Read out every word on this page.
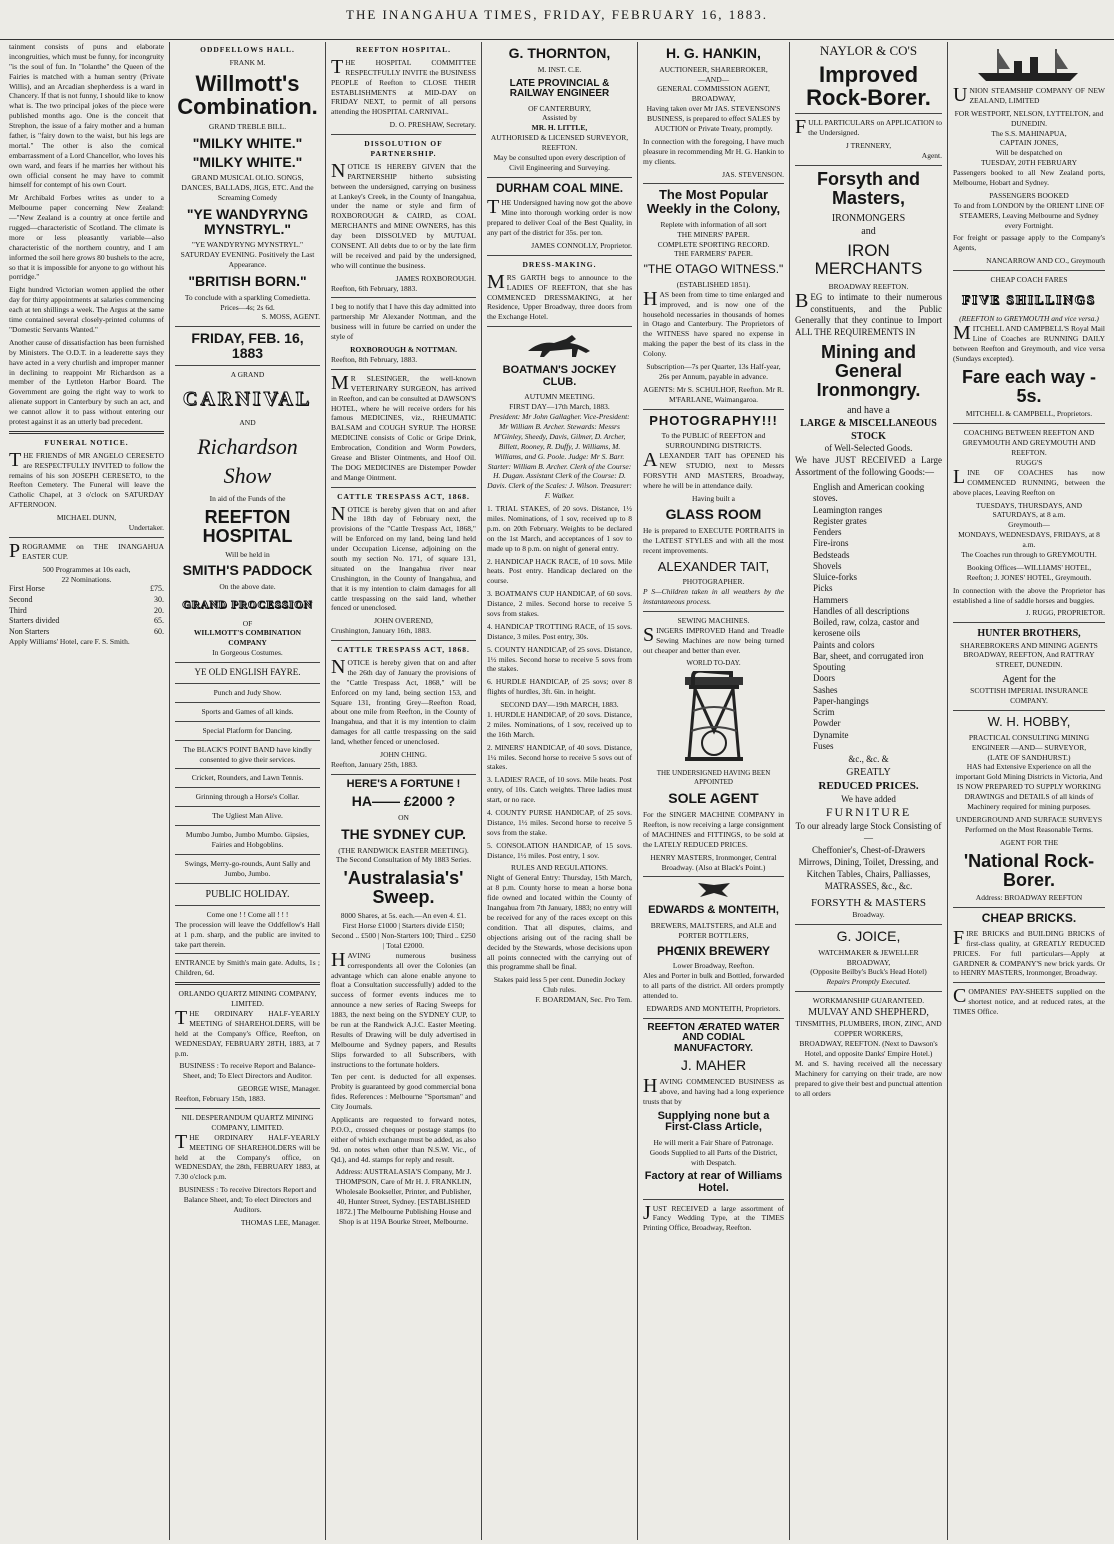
THE INANGAHUA TIMES, FRIDAY, FEBRUARY 16, 1883.

tainment consists of puns and elaborate incongruities, which must be funny, for incongruity "is the soul of fun. In "Iolanthe" the Queen of the Fairies is matched with a human sentry (Private Willis), and an Arcadian shepherdess is a ward in Chancery. If that is not funny, I should like to know what is. The two principal jokes of the piece were published months ago. One is the conceit that Strephon, the issue of a fairy mother and a human father, is "fairy down to the waist, but his legs are mortal." The other is also the comical embarrassment of a Lord Chancellor, who loves his own ward, and fears if he marries her without his own official consent he may have to commit himself for contempt of his own Court.

Mr Archibald Forbes writes as under to a Melbourne paper concerning New Zealand:—"New Zealand is a country at once fertile and rugged—characteristic of Scotland. The climate is more or less pleasantly variable—also characteristic of the northern country, and I am informed the soil here grows 80 bushels to the acre, so that it is impossible for anyone to go without his porridge."

Eight hundred Victorian women applied the other day for thirty appointments at salaries commencing each at ten shillings a week. The Argus at the same time contained several closely-printed columns of "Domestic Servants Wanted."

Another cause of dissatisfaction has been furnished by Ministers. The O.D.T. in a leaderette says they have acted in a very churlish and improper manner in declining to reappoint Mr Richardson as a member of the Lyttleton Harbor Board. The Government are going the right way to work to alienate support in Canterbury by such an act, and we cannot allow it to pass without entering our protest against it as an utterly bad precedent.

FUNERAL NOTICE.

THE FRIENDS of MR ANGELO CERESETO are RESPECTFULLY INVITED to follow the remains of his son JOSEPH CERESETO, to the Reefton Cemetery. The Funeral will leave the Catholic Chapel, at 3 o'clock on SATURDAY AFTERNOON.

MICHAEL DUNN,
Undertaker.

PROGRAMME on THE INANGAHUA EASTER CUP.

500 Programmes at 10s each,
22 Nominations.
First Horse	£75.
Second	30.
Third	20.
Starters divided	65.
Non Starters	60.

Apply Williams' Hotel, care F. S. Smith.

ODDFELLOWS HALL.
FRANK M.
Willmott's Combination.
GRAND TREBLE BILL.
"MILKY WHITE."
"MILKY WHITE."
GRAND MUSICAL OLIO. SONGS, DANCES, BALLADS, JIGS, ETC. And the Screaming Comedy
"YE WANDYRYNG MYNSTRYL."
"YE WANDYRYNG MYNSTRYL."
SATURDAY EVENING. Positively the Last Appearance.
"BRITISH BORN."
To conclude with a sparkling Comedietta. Prices—4s; 2s 6d.
S. MOSS, AGENT.
FRIDAY, FEB. 16, 1883
A GRAND
CARNIVAL
AND
Richardson Show
In aid of the Funds of the
REEFTON HOSPITAL
Will be held in
SMITH'S PADDOCK
On the above date.
GRAND PROCESSION
OF
WILLMOTT'S COMBINATION COMPANY
In Gorgeous Costumes.
YE OLD ENGLISH FAYRE.
Punch and Judy Show.
Sports and Games of all kinds.
Special Platform for Dancing.
The BLACK'S POINT BAND have kindly consented to give their services.
Cricket, Rounders, and Lawn Tennis.
Grinning through a Horse's Collar.
The Ugliest Man Alive.
Mumbo Jumbo, Jumbo Mumbo. Gipsies, Fairies and Hobgoblins.
Swings, Merry-go-rounds, Aunt Sally and Jumbo, Jumbo.
PUBLIC HOLIDAY.
Come one ! ! Come all ! ! !

The procession will leave the Oddfellow's Hall at 1 p.m. sharp, and the public are invited to take part therein.

ENTRANCE by Smith's main gate. Adults, 1s ; Children, 6d.

ORLANDO QUARTZ MINING COMPANY, LIMITED.

THE ORDINARY HALF-YEARLY MEETING of SHAREHOLDERS, will be held at the Company's Office, Reefton, on WEDNESDAY, FEBRUARY 28TH, 1883, at 7 p.m.

BUSINESS : To receive Report and Balance-Sheet, and; To Elect Directors and Auditor.

GEORGE WISE, Manager.
Reefton, February 15th, 1883.
NIL DESPERANDUM QUARTZ MINING COMPANY, LIMITED.

THE ORDINARY HALF-YEARLY MEETING OF SHAREHOLDERS will be held at the Company's office, on WEDNESDAY, the 28th, FEBRUARY 1883, at 7.30 o'clock p.m.

BUSINESS : To receive Directors Report and Balance Sheet, and; To elect Directors and Auditors.

THOMAS LEE, Manager.
REEFTON HOSPITAL.

THE HOSPITAL COMMITTEE RESPECTFULLY INVITE the BUSINESS PEOPLE of Reefton to CLOSE THEIR ESTABLISHMENTS at MID-DAY on FRIDAY NEXT, to permit of all persons attending the HOSPITAL CARNIVAL.

D. O. PRESHAW, Secretary.
DISSOLUTION OF PARTNERSHIP.

NOTICE IS HEREBY GIVEN that the PARTNERSHIP hitherto subsisting between the undersigned, carrying on business at Lankey's Creek, in the County of Inangahua, under the name or style and firm of ROXBOROUGH & CAIRD, as COAL MERCHANTS and MINE OWNERS, has this day been DISSOLVED by MUTUAL CONSENT. All debts due to or by the late firm will be received and paid by the undersigned, who will continue the business.

JAMES ROXBOROUGH.
Reefton, 6th February, 1883.

I beg to notify that I have this day admitted into partnership Mr Alexander Nottman, and the business will in future be carried on under the style of

ROXBOROUGH & NOTTMAN.
Reefton, 8th February, 1883.

MR SLESINGER, the well-known VETERINARY SURGEON, has arrived in Reefton, and can be consulted at DAWSON'S HOTEL, where he will receive orders for his famous MEDICINES, viz., RHEUMATIC BALSAM and COUGH SYRUP. The HORSE MEDICINE consists of Colic or Gripe Drink, Embrocation, Condition and Worm Powders, Grease and Blister Ointments, and Hoof Oil. The DOG MEDICINES are Distemper Powder and Mange Ointment.

CATTLE TRESPASS ACT, 1868.

NOTICE is hereby given that on and after the 18th day of February next, the provisions of the "Cattle Trespass Act, 1868," will be Enforced on my land, being land held under Occupation License, adjoining on the south my section No. 171, of square 131, situated on the Inangahua river near Crushington, in the County of Inangahua, and that it is my intention to claim damages for all cattle trespassing on the said land, whether fenced or unenclosed.

JOHN OVEREND,
Crushington, January 16th, 1883.
CATTLE TRESPASS ACT, 1868.

NOTICE is hereby given that on and after the 26th day of January the provisions of the "Cattle Trespass Act, 1868," will be Enforced on my land, being section 153, and Square 131, fronting Grey—Reefton Road, about one mile from Reefton, in the County of Inangahua, and that it is my intention to claim damages for all cattle trespassing on the said land, whether fenced or unenclosed.

JOHN CHING.
Reefton, January 25th, 1883.
HERE'S A FORTUNE !
HA—— £2000 ?
ON
THE SYDNEY CUP.
(THE RANDWICK EASTER MEETING).
The Second Consultation of My 1883 Series.
'Australasia's' Sweep.
8000 Shares, at 5s. each.—An even 4. £1.
First Horse £1000 | Starters divide £150; Second .. £500 | Non-Starters 100; Third .. £250 | Total £2000.

HAVING numerous business correspondents all over the Colonies (an advantage which can alone enable anyone to float a Consultation successfully) added to the success of former events induces me to announce a new series of Racing Sweeps for 1883, the next being on the SYDNEY CUP, to be run at the Randwick A.J.C. Easter Meeting. Results of Drawing will be duly advertised in Melbourne and Sydney papers, and Results Slips forwarded to all Subscribers, with instructions to the fortunate holders.

Ten per cent. is deducted for all expenses. Probity is guaranteed by good commercial bona fides. References : Melbourne "Sportsman" and City Journals.

Applicants are requested to forward notes, P.O.O., crossed cheques or postage stamps (to either of which exchange must be added, as also 9d. on notes when other than N.S.W. Vic., of Qd.), and 4d. stamps for reply and result.

Address: AUSTRALASIA'S Company, Mr J. THOMPSON, Care of Mr H. J. FRANKLIN, Wholesale Bookseller, Printer, and Publisher, 40, Hunter Street, Sydney. [ESTABLISHED 1872.] The Melbourne Publishing House and Shop is at 119A Bourke Street, Melbourne.

G. THORNTON,
M. INST. C.E.
LATE PROVINCIAL & RAILWAY ENGINEER
OF CANTERBURY,
Assisted by
MR. H. LITTLE,
AUTHORISED & LICENSED SURVEYOR, REEFTON.

May be consulted upon every description of Civil Engineering and Surveying.

DURHAM COAL MINE.

THE Undersigned having now got the above Mine into thorough working order is now prepared to deliver Coal of the Best Quality, in any part of the district for 35s. per ton.

JAMES CONNOLLY, Proprietor.
DRESS-MAKING.

MRS GARTH begs to announce to the LADIES OF REEFTON, that she has COMMENCED DRESSMAKING, at her Residence, Upper Broadway, three doors from the Exchange Hotel.

BOATMAN'S JOCKEY CLUB.
AUTUMN MEETING.
FIRST DAY—17th March, 1883.

President: Mr John Gallagher. Vice-President: Mr William B. Archer. Stewards: Messrs M'Ginley, Sheedy, Davis, Gilmer, D. Archer, Billett, Rooney, R. Duffy, J. Williams, M. Williams, and G. Poole. Judge: Mr S. Barr. Starter: William B. Archer. Clerk of the Course: H. Dugan. Assistant Clerk of the Course: D. Davis. Clerk of the Scales: J. Wilson. Treasurer: F. Walker.

1. TRIAL STAKES, of 20 sovs. Distance, 1½ miles. Nominations, of 1 sov, received up to 8 p.m. on 20th February. Weights to be declared on the 1st March, and acceptances of 1 sov to made up to 8 p.m. on night of general entry.

2. HANDICAP HACK RACE, of 10 sovs. Mile heats. Post entry. Handicap declared on the course.

3. BOATMAN'S CUP HANDICAP, of 60 sovs. Distance, 2 miles. Second horse to receive 5 sovs from stakes.

4. HANDICAP TROTTING RACE, of 15 sovs. Distance, 3 miles. Post entry, 30s.

5. COUNTY HANDICAP, of 25 sovs. Distance, 1½ miles. Second horse to receive 5 sovs from the stakes.

6. HURDLE HANDICAP, of 25 sovs; over 8 flights of hurdles, 3ft. 6in. in height.

SECOND DAY—19th MARCH, 1883.

1. HURDLE HANDICAP, of 20 sovs. Distance, 2 miles. Nominations, of 1 sov, received up to the 16th March.

2. MINERS' HANDICAP, of 40 sovs. Distance, 1¼ miles. Second horse to receive 5 sovs out of stakes.

3. LADIES' RACE, of 10 sovs. Mile heats. Post entry, of 10s. Catch weights. Three ladies must start, or no race.

4. COUNTY PURSE HANDICAP, of 25 sovs. Distance, 1½ miles. Second horse to receive 5 sovs from the stake.

5. CONSOLATION HANDICAP, of 15 sovs. Distance, 1½ miles. Post entry, 1 sov.

RULES AND REGULATIONS.

Night of General Entry: Thursday, 15th March, at 8 p.m. County horse to mean a horse bona fide owned and located within the County of Inangahua from 7th January, 1883; no entry will be received for any of the races except on this condition. That all disputes, claims, and objections arising out of the racing shall be decided by the Stewards, whose decisions upon all points connected with the carrying out of this programme shall be final.

Stakes paid less 5 per cent. Dunedin Jockey Club rules.
F. BOARDMAN, Sec. Pro Tem.
H. G. HANKIN,
AUCTIONEER, SHAREBROKER,
—AND—
GENERAL COMMISSION AGENT,
BROADWAY,

Having taken over Mr JAS. STEVENSON'S BUSINESS, is prepared to effect SALES by AUCTION or Private Treaty, promptly.

In connection with the foregoing, I have much pleasure in recommending Mr H. G. Hankin to my clients.

JAS. STEVENSON.
The Most Popular Weekly in the Colony,
Replete with information of all sort
THE MINERS' PAPER.
COMPLETE SPORTING RECORD.
THE FARMERS' PAPER.
"THE OTAGO WITNESS."
(ESTABLISHED 1851).

HAS been from time to time enlarged and improved, and is now one of the household necessaries in thousands of homes in Otago and Canterbury. The Proprietors of the WITNESS have spared no expense in making the paper the best of its class in the Colony.

Subscription—7s per Quarter, 13s Half-year, 26s per Annum, payable in advance.

AGENTS: Mr S. SCHULHOF, Reefton. Mr R. M'FARLANE, Waimangaroa.

PHOTOGRAPHY!!!
To the PUBLIC of REEFTON and SURROUNDING DISTRICTS.

ALEXANDER TAIT has OPENED his NEW STUDIO, next to Messrs FORSYTH AND MASTERS, Broadway, where he will be in attendance daily.

Having built a
GLASS ROOM

He is prepared to EXECUTE PORTRAITS in the LATEST STYLES and with all the most recent improvements.

ALEXANDER TAIT,
PHOTOGRAPHER.

P S—Children taken in all weathers by the instantaneous process.

SEWING MACHINES.

SINGERS IMPROVED Hand and Treadle Sewing Machines are now being turned out cheaper and better than ever.

WORLD TO-DAY.
THE UNDERSIGNED HAVING BEEN APPOINTED
SOLE AGENT

For the SINGER MACHINE COMPANY in Reefton, is now receiving a large consignment of MACHINES and FITTINGS, to be sold at the LATELY REDUCED PRICES.

HENRY MASTERS, Ironmonger, Central Broadway. (Also at Black's Point.)

EDWARDS & MONTEITH,
BREWERS, MALTSTERS, and ALE and PORTER BOTTLERS,
PHŒNIX BREWERY
Lower Broadway, Reefton.

Ales and Porter in bulk and Bottled, forwarded to all parts of the district. All orders promptly attended to.

EDWARDS AND MONTEITH, Proprietors.
REEFTON ÆRATED WATER AND CODIAL MANUFACTORY.
J. MAHER

HAVING COMMENCED BUSINESS as above, and having had a long experience trusts that by

Supplying none but a First-Class Article,

He will merit a Fair Share of Patronage. Goods Supplied to all Parts of the District, with Despatch.

Factory at rear of Williams Hotel.

JUST RECEIVED a large assortment of Fancy Wedding Type, at the TIMES Printing Office, Broadway, Reefton.

NAYLOR & CO'S
Improved Rock-Borer.

FULL PARTICULARS on APPLICATION to the Undersigned.

J TRENNERY,
Agent.
Forsyth and Masters,
IRONMONGERS
and
IRON MERCHANTS
BROADWAY REEFTON.

BEG to intimate to their numerous constituents, and the Public Generally that they continue to Import ALL THE REQUIREMENTS IN

Mining and General Ironmongry.
and have a
LARGE & MISCELLANEOUS STOCK
of Well-Selected Goods.

We have JUST RECEIVED a Large Assortment of the following Goods:—

English and American cooking stoves.
Leamington ranges
Register grates
Fenders
Fire-irons
Bedsteads
Shovels
Sluice-forks
Picks
Hammers
Handles of all descriptions
Boiled, raw, colza, castor and kerosene oils
Paints and colors
Bar, sheet, and corrugated iron
Spouting
Doors
Sashes
Paper-hangings
Scrim
Powder
Dynamite
Fuses
&c., &c. &
GREATLY
REDUCED PRICES.
We have added
FURNITURE
To our already large Stock Consisting of—

Cheffonier's, Chest-of-Drawers Mirrows, Dining, Toilet, Dressing, and Kitchen Tables, Chairs, Palliasses, MATRASSES, &c., &c.

FORSYTH & MASTERS
Broadway.
G. JOICE,
WATCHMAKER & JEWELLER
BROADWAY,
(Opposite Beilby's Buck's Head Hotel)
Repairs Promptly Executed.
WORKMANSHIP GUARANTEED.
MULVAY AND SHEPHERD,
TINSMITHS, PLUMBERS, IRON, ZINC, AND COPPER WORKERS,
BROADWAY, REEFTON. (Next to Dawson's Hotel, and opposite Danks' Empire Hotel.)

M. and S. having received all the necessary Machinery for carrying on their trade, are now prepared to give their best and punctual attention to all orders

UNION STEAMSHIP COMPANY OF NEW ZEALAND, LIMITED

FOR WESTPORT, NELSON, LYTTELTON, and DUNEDIN.
The S.S. MAHINAPUA,
CAPTAIN JONES,
Will be despatched on
TUESDAY, 20TH FEBRUARY

Passengers booked to all New Zealand ports, Melbourne, Hobart and Sydney.

PASSENGERS BOOKED

To and from LONDON by the ORIENT LINE OF STEAMERS, Leaving Melbourne and Sydney every Fortnight.

For freight or passage apply to the Company's Agents,

NANCARROW AND CO., Greymouth
CHEAP COACH FARES
FIVE SHILLINGS
(REEFTON to GREYMOUTH and vice versa.)

MITCHELL AND CAMPBELL'S Royal Mail Line of Coaches are RUNNING DAILY between Reefton and Greymouth, and vice versa (Sundays excepted).

Fare each way - 5s.
MITCHELL & CAMPBELL, Proprietors.
COACHING BETWEEN REEFTON AND GREYMOUTH AND GREYMOUTH AND REEFTON.
RUGG'S

LINE OF COACHES has now COMMENCED RUNNING, between the above places, Leaving Reefton on

TUESDAYS, THURSDAYS, AND SATURDAYS, at 8 a.m.
Greymouth—
MONDAYS, WEDNESDAYS, FRIDAYS, at 8 a.m.

The Coaches run through to GREYMOUTH.

Booking Offices—WILLIAMS' HOTEL, Reefton; J. JONES' HOTEL, Greymouth.

In connection with the above the Proprietor has established a line of saddle horses and buggies.

J. RUGG, PROPRIETOR.
HUNTER BROTHERS,
SHAREBROKERS AND MINING AGENTS

BROADWAY, REEFTON, And RATTRAY STREET, DUNEDIN.

Agent for the
SCOTTISH IMPERIAL INSURANCE COMPANY.
W. H. HOBBY,
PRACTICAL CONSULTING MINING ENGINEER —AND— SURVEYOR,
(LATE OF SANDHURST.)

HAS had Extensive Experience on all the important Gold Mining Districts in Victoria, And IS NOW PREPARED TO SUPPLY WORKING DRAWINGS and DETAILS of all kinds of Machinery required for mining purposes.

UNDERGROUND AND SURFACE SURVEYS Performed on the Most Reasonable Terms.

AGENT FOR THE
'National Rock-Borer.
Address: BROADWAY REEFTON
CHEAP BRICKS.

FIRE BRICKS and BUILDING BRICKS of first-class quality, at GREATLY REDUCED PRICES. For full particulars—Apply at GARDNER & COMPANY'S new brick yards. Or to HENRY MASTERS, Ironmonger, Broadway.

COMPANIES' PAY-SHEETS supplied on the shortest notice, and at reduced rates, at the TIMES Office.
